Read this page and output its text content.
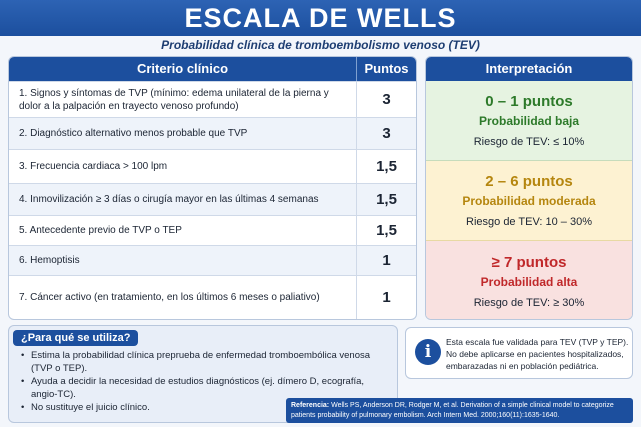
ESCALA DE WELLS
Probabilidad clínica de tromboembolismo venoso (TEV)
Criterio clínico	Puntos
1. Signos y síntomas de TVP (mínimo: edema unilateral de la pierna y dolor a la palpación en trayecto venoso profundo)	3
2. Diagnóstico alternativo menos probable que TVP	3
3. Frecuencia cardiaca > 100 lpm	1,5
4. Inmovilización ≥ 3 días o cirugía mayor en las últimas 4 semanas	1,5
5. Antecedente previo de TVP o TEP	1,5
6. Hemoptisis	1
7. Cáncer activo (en tratamiento, en los últimos 6 meses o paliativo)	1
Interpretación
0 – 1 puntos
Probabilidad baja
Riesgo de TEV: ≤ 10%
2 – 6 puntos
Probabilidad moderada
Riesgo de TEV: 10 – 30%
≥ 7 puntos
Probabilidad alta
Riesgo de TEV: ≥ 30%
¿Para qué se utiliza?
• Estima la probabilidad clínica preprueba de enfermedad tromboembólica venosa (TVP o TEP).
• Ayuda a decidir la necesidad de estudios diagnósticos (ej. dímero D, ecografía, angio-TC).
• No sustituye el juicio clínico.
i	Esta escala fue validada para TEV (TVP y TEP). No debe aplicarse en pacientes hospitalizados, embarazadas ni en población pediátrica.
Referencia: Wells PS, Anderson DR, Rodger M, et al. Derivation of a simple clinical model to categorize patients probability of pulmonary embolism. Arch Intern Med. 2000;160(11):1635-1640.
